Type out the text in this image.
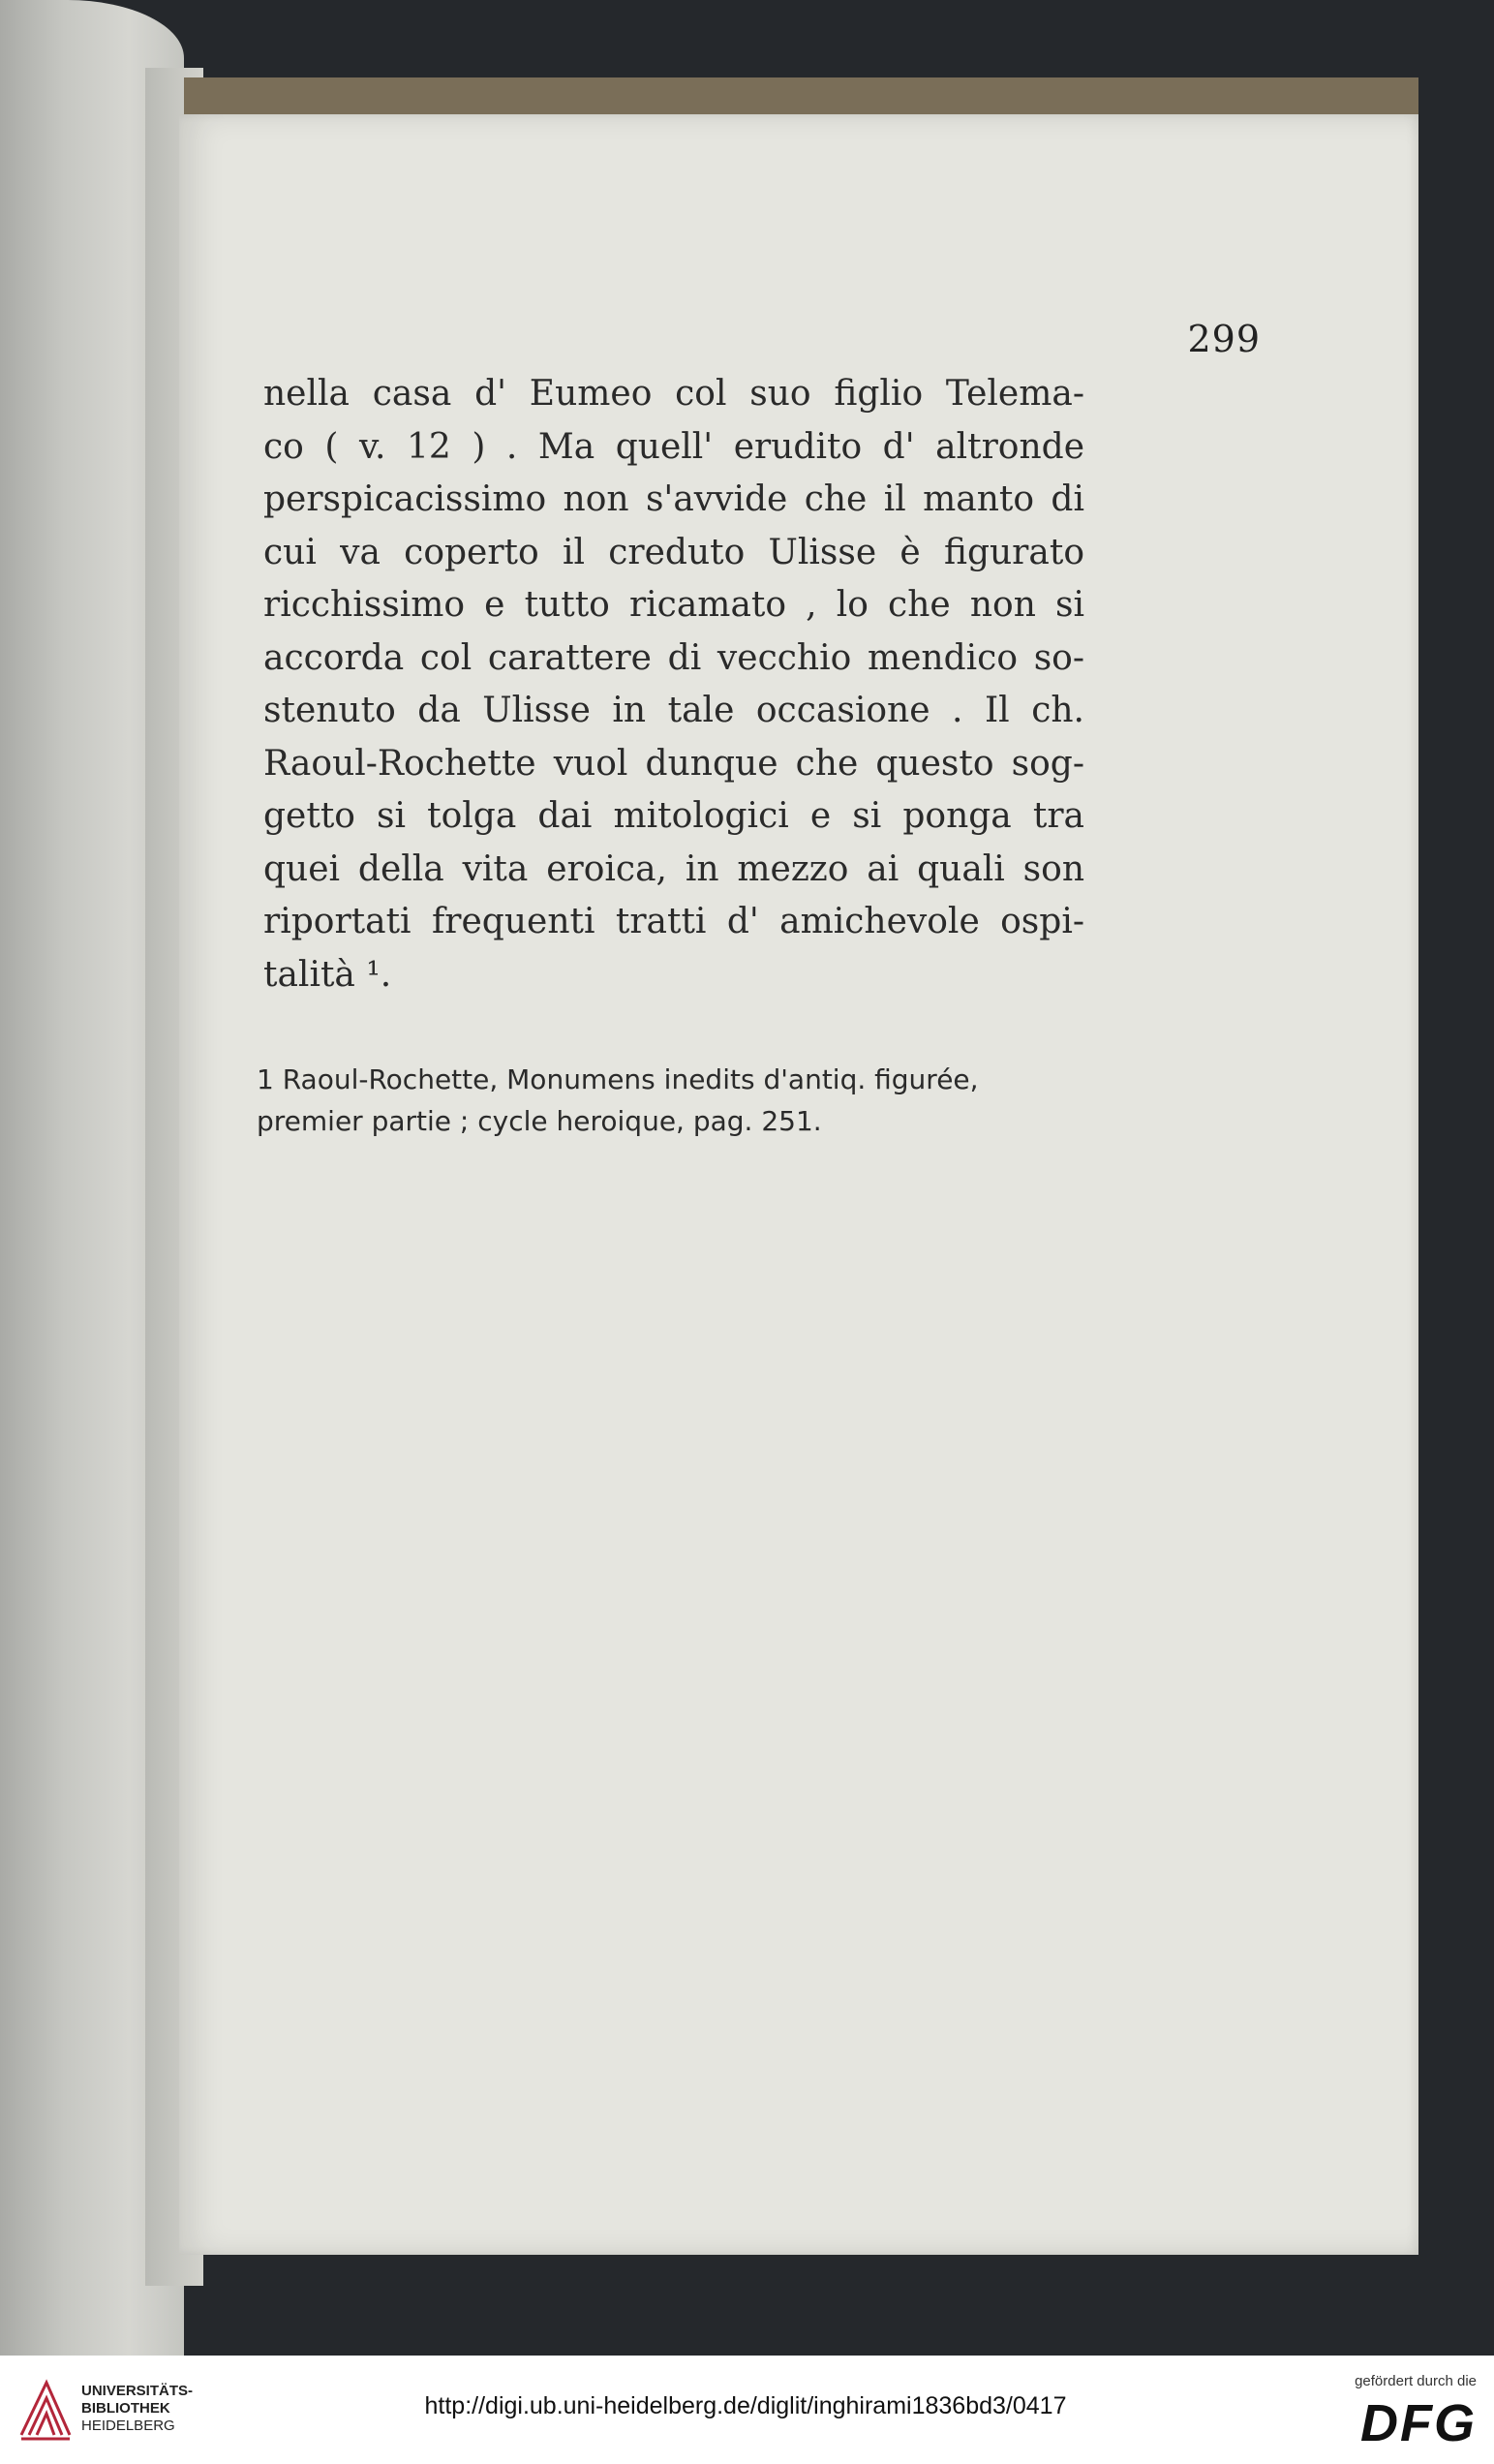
299
nella casa d' Eumeo col suo figlio Telema-
co ( v. 12 ) . Ma quell' erudito d' altronde
perspicacissimo non s'avvide che il manto di
cui va coperto il creduto Ulisse è figurato
ricchissimo e tutto ricamato , lo che non si
accorda col carattere di vecchio mendico so-
stenuto da Ulisse in tale occasione . Il ch.
Raoul-Rochette vuol dunque che questo sog-
getto si tolga dai mitologici e si ponga tra
quei della vita eroica, in mezzo ai quali son
riportati frequenti tratti d' amichevole ospi-
talità ¹.
1 Raoul-Rochette, Monumens inedits d'antiq. figurée,
premier partie ; cycle heroique, pag. 251.
UNIVERSITÄTS-
BIBLIOTHEK
HEIDELBERG
http://digi.ub.uni-heidelberg.de/diglit/inghirami1836bd3/0417
gefördert durch die
DFG
